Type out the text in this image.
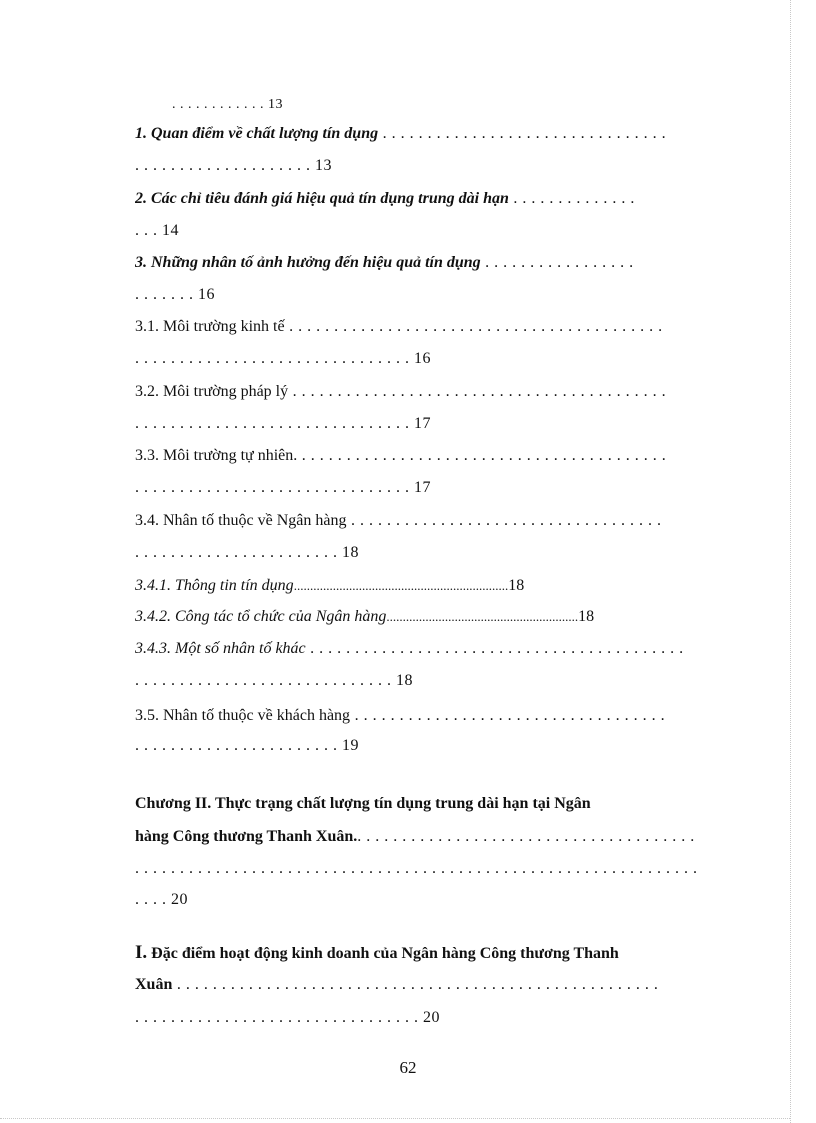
. . . . . . . . . . . . 13
1. Quan điểm về chất lượng tín dụng . . . . . . . . . . . . . . . . . . . . . . . . . . . . . . . .
. . . . . . . . . . . . . . . . . . . . 13
2. Các chỉ tiêu đánh giá hiệu quả tín dụng trung dài hạn . . . . . . . . . . . . . .
. . . 14
3. Những nhân tố ảnh hưởng đến hiệu quả tín dụng . . . . . . . . . . . . . . . . .
. . . . . . . 16
3.1. Môi trường kinh tế . . . . . . . . . . . . . . . . . . . . . . . . . . . . . . . . . . . . . . . . . .
. . . . . . . . . . . . . . . . . . . . . . . . . . . . . . . 16
3.2. Môi trường pháp lý . . . . . . . . . . . . . . . . . . . . . . . . . . . . . . . . . . . . . . . . . .
. . . . . . . . . . . . . . . . . . . . . . . . . . . . . . . 17
3.3. Môi trường tự nhiên. . . . . . . . . . . . . . . . . . . . . . . . . . . . . . . . . . . . . . . . . .
. . . . . . . . . . . . . . . . . . . . . . . . . . . . . . . 17
3.4. Nhân tố thuộc về Ngân hàng . . . . . . . . . . . . . . . . . . . . . . . . . . . . . . . . . . .
. . . . . . . . . . . . . . . . . . . . . . . 18
3.4.1. Thông tin tín dụng..................................................................18
3.4.2. Công tác tổ chức của Ngân hàng...........................................................18
3.4.3. Một số nhân tố khác . . . . . . . . . . . . . . . . . . . . . . . . . . . . . . . . . . . . . . . . . .
. . . . . . . . . . . . . . . . . . . . . . . . . . . . . 18
3.5. Nhân tố thuộc về khách hàng . . . . . . . . . . . . . . . . . . . . . . . . . . . . . . . . . . .
. . . . . . . . . . . . . . . . . . . . . . . 19
Chương II. Thực trạng chất lượng tín dụng trung dài hạn tại Ngân
hàng Công thương Thanh Xuân.. . . . . . . . . . . . . . . . . . . . . . . . . . . . . . . . . . . . . .
. . . . . . . . . . . . . . . . . . . . . . . . . . . . . . . . . . . . . . . . . . . . . . . . . . . . . . . . . . . . . . .
. . . . 20
I. Đặc điểm hoạt động kinh doanh của Ngân hàng Công thương Thanh
Xuân . . . . . . . . . . . . . . . . . . . . . . . . . . . . . . . . . . . . . . . . . . . . . . . . . . . . . .
. . . . . . . . . . . . . . . . . . . . . . . . . . . . . . . . 20
62
